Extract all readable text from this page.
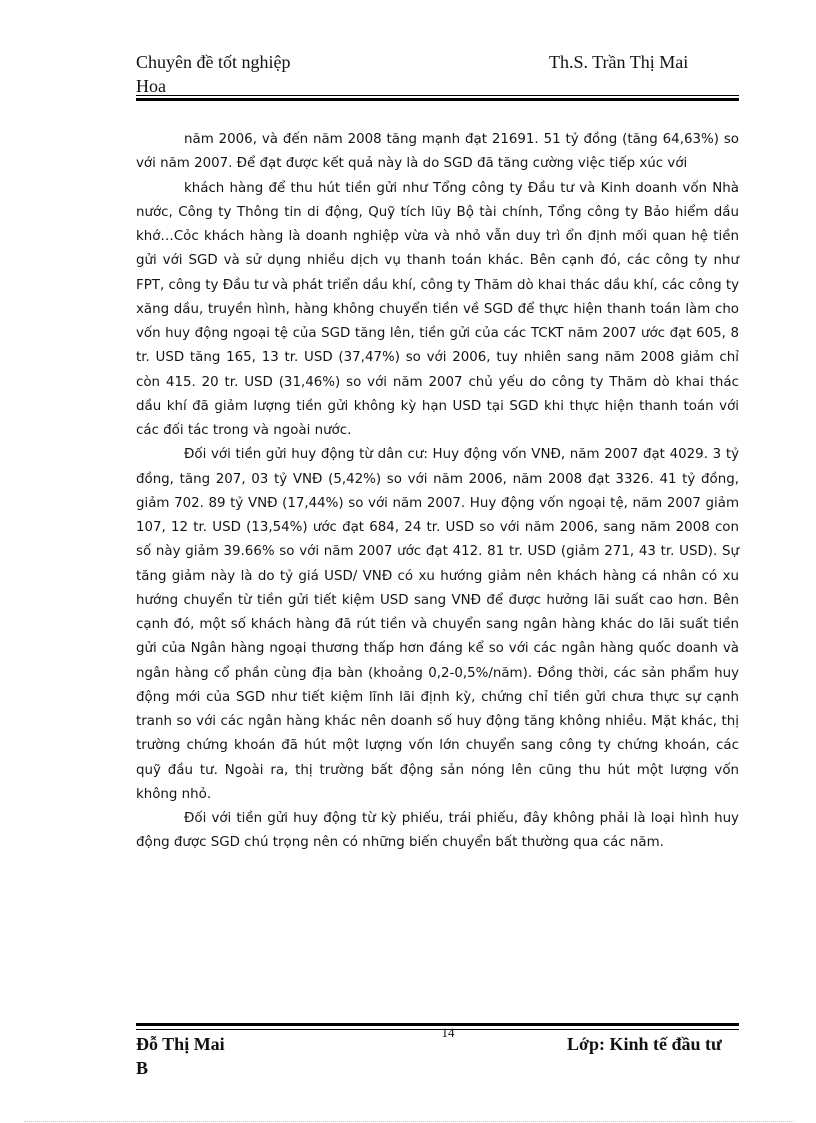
Chuyên đề tốt nghiệp
Hoa
Th.S. Trần Thị Mai

năm 2006, và đến năm 2008 tăng mạnh đạt 21691. 51 tỷ đồng (tăng 64,63%) so với năm 2007. Để đạt được kết quả này là do SGD đã tăng cường việc tiếp xúc với

khách hàng để thu hút tiền gửi như Tổng công ty Đầu tư và Kinh doanh vốn Nhà nước, Công ty Thông tin di động, Quỹ tích lũy Bộ tài chính, Tổng công ty Bảo hiểm dầu khớ…Cỏc khách hàng là doanh nghiệp vừa và nhỏ vẫn duy trì ổn định mối quan hệ tiền gửi với SGD và sử dụng nhiều dịch vụ thanh toán khác. Bên cạnh đó, các công ty như FPT, công ty Đầu tư và phát triển dầu khí, công ty Thăm dò khai thác dầu khí, các công ty xăng dầu, truyền hình, hàng không chuyển tiền về SGD để thực hiện thanh toán làm cho vốn huy động ngoại tệ của SGD tăng lên, tiền gửi của các TCKT năm 2007 ước đạt 605, 8 tr. USD tăng 165, 13 tr. USD (37,47%) so với 2006, tuy nhiên sang năm 2008 giảm chỉ còn 415. 20 tr. USD (31,46%) so với năm 2007 chủ yếu do công ty Thăm dò khai thác dầu khí đã giảm lượng tiền gửi không kỳ hạn USD tại SGD khi thực hiện thanh toán với các đối tác trong và ngoài nước.

Đối với tiền gửi huy động từ dân cư: Huy động vốn VNĐ, năm 2007 đạt 4029. 3 tỷ đồng, tăng 207, 03 tỷ VNĐ (5,42%) so với năm 2006, năm 2008 đạt 3326. 41 tỷ đồng, giảm 702. 89 tỷ VNĐ (17,44%) so với năm 2007. Huy động vốn ngoại tệ, năm 2007 giảm 107, 12 tr. USD (13,54%) ước đạt 684, 24 tr. USD so với năm 2006, sang năm 2008 con số này giảm 39.66% so với năm 2007 ước đạt 412. 81 tr. USD (giảm 271, 43 tr. USD). Sự tăng giảm này là do tỷ giá USD/ VNĐ có xu hướng giảm nên khách hàng cá nhân có xu hướng chuyển từ tiền gửi tiết kiệm USD sang VNĐ để được hưởng lãi suất cao hơn. Bên cạnh đó, một số khách hàng đã rút tiền và chuyển sang ngân hàng khác do lãi suất tiền gửi của Ngân hàng ngoại thương thấp hơn đáng kể so với các ngân hàng quốc doanh và ngân hàng cổ phần cùng địa bàn (khoảng 0,2-0,5%/năm). Đồng thời, các sản phẩm huy động mới của SGD như tiết kiệm lĩnh lãi định kỳ, chứng chỉ tiền gửi chưa thực sự cạnh tranh so với các ngân hàng khác nên doanh số huy động tăng không nhiều. Mặt khác, thị trường chứng khoán đã hút một lượng vốn lớn chuyển sang công ty chứng khoán, các quỹ đầu tư. Ngoài ra, thị trường bất động sản nóng lên cũng thu hút một lượng vốn không nhỏ.

Đối với tiền gửi huy động từ kỳ phiếu, trái phiếu, đây không phải là loại hình huy động được SGD chú trọng nên có những biến chuyển bất thường qua các năm.

14
Đỗ Thị Mai
B
Lớp: Kinh tế đầu tư
